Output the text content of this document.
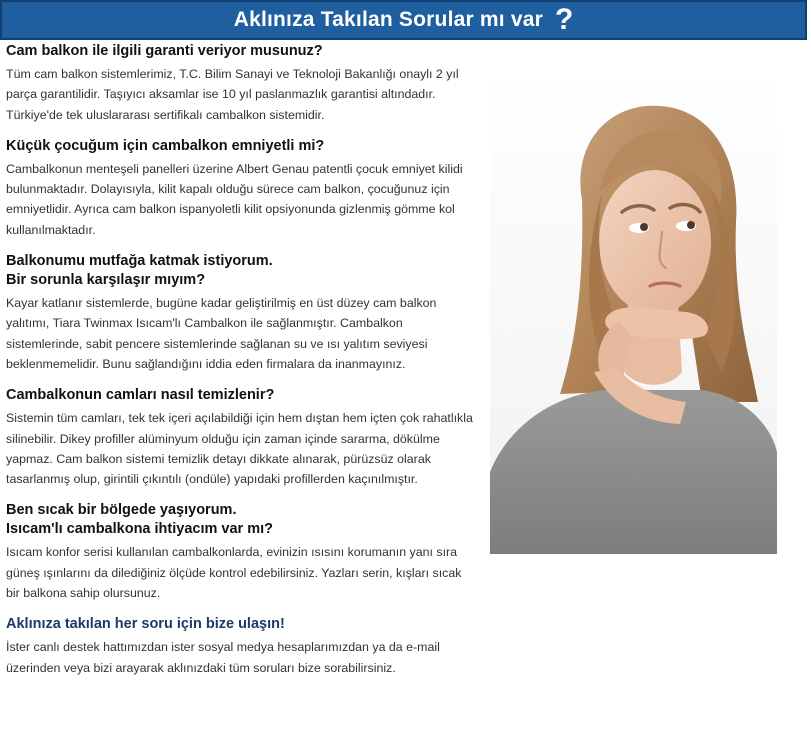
Aklınıza Takılan Sorular mı var ?
Cam balkon ile ilgili garanti veriyor musunuz?

Tüm cam balkon sistemlerimiz, T.C. Bilim Sanayi ve Teknoloji Bakanlığı onaylı 2 yıl parça garantilidir. Taşıyıcı aksamlar ise 10 yıl paslanmazlık garantisi altındadır. Türkiye'de tek uluslararası sertifikalı cambalkon sistemidir.

Küçük çocuğum için cambalkon emniyetli mi?

Cambalkonun menteşeli panelleri üzerine Albert Genau patentli çocuk emniyet kilidi bulunmaktadır. Dolayısıyla, kilit kapalı olduğu sürece cam balkon, çocuğunuz için emniyetlidir. Ayrıca cam balkon ispanyoletli kilit opsiyonunda gizlenmiş gömme kol kullanılmaktadır.

Balkonumu mutfağa katmak istiyorum.
Bir sorunla karşılaşır mıyım?

Kayar katlanır sistemlerde, bugüne kadar geliştirilmiş en üst düzey cam balkon yalıtımı, Tiara Twinmax Isıcam'lı Cambalkon ile sağlanmıştır. Cambalkon sistemlerinde, sabit pencere sistemlerinde sağlanan su ve ısı yalıtım seviyesi beklenmemelidir. Bunu sağlandığını iddia eden firmalara da inanmayınız.

Cambalkonun camları nasıl temizlenir?

Sistemin tüm camları, tek tek içeri açılabildiği için hem dıştan hem içten çok rahatlıkla silinebilir. Dikey profiller alüminyum olduğu için zaman içinde sararma, dökülme yapmaz. Cam balkon sistemi temizlik detayı dikkate alınarak, pürüzsüz olarak tasarlanmış olup, girintili çıkıntılı (ondüle) yapıdaki profillerden kaçınılmıştır.

Ben sıcak bir bölgede yaşıyorum.
Isıcam'lı cambalkona ihtiyacım var mı?

Isıcam konfor serisi kullanılan cambalkonlarda, evinizin ısısını korumanın yanı sıra güneş ışınlarını da dilediğiniz ölçüde kontrol edebilirsiniz. Yazları serin, kışları sıcak bir balkona sahip olursunuz.

Aklınıza takılan her soru için bize ulaşın!

İster canlı destek hattımızdan ister sosyal medya hesaplarımızdan ya da e-mail üzerinden veya bizi arayarak aklınızdaki tüm soruları bize sorabilirsiniz.
